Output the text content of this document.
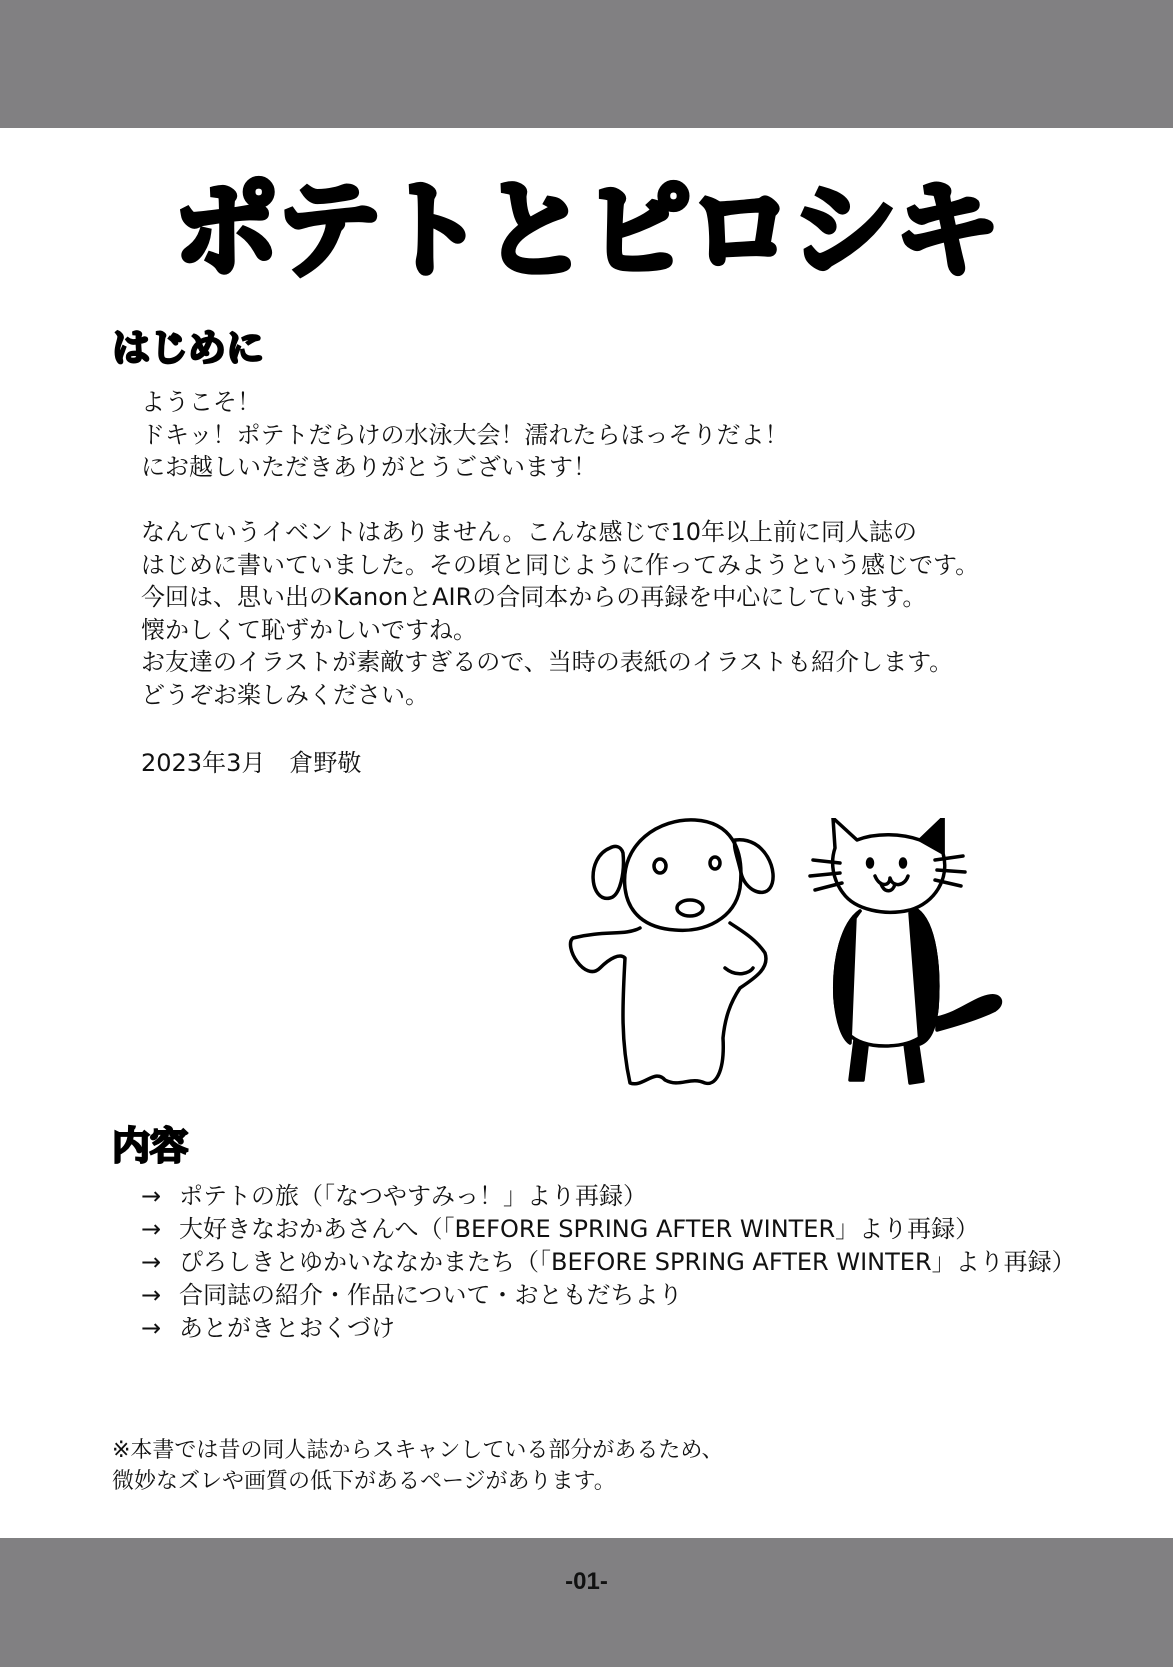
ポテトとピロシキ
はじめに
ようこそ！
ドキッ！ポテトだらけの水泳大会！濡れたらほっそりだよ！
にお越しいただきありがとうございます！
なんていうイベントはありません。こんな感じで10年以上前に同人誌の
はじめに書いていました。その頃と同じように作ってみようという感じです。
今回は、思い出のKanonとAIRの合同本からの再録を中心にしています。
懐かしくて恥ずかしいですね。
お友達のイラストが素敵すぎるので、当時の表紙のイラストも紹介します。
どうぞお楽しみください。
2023年3月　倉野敬
内容
→ ポテトの旅（「なつやすみっ！」より再録）
→ 大好きなおかあさんへ（「BEFORE SPRING AFTER WINTER」より再録）
→ ぴろしきとゆかいななかまたち（「BEFORE SPRING AFTER WINTER」より再録）
→ 合同誌の紹介・作品について・おともだちより
→ あとがきとおくづけ
※本書では昔の同人誌からスキャンしている部分があるため、
微妙なズレや画質の低下があるページがあります。
-01-
